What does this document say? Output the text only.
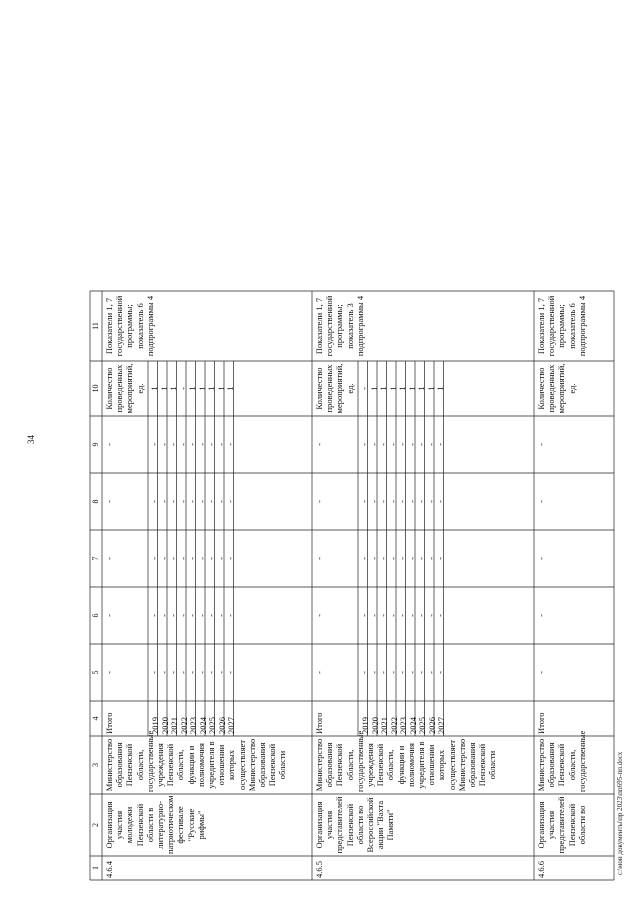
34
1
2
3
4
5
6
7
8
9
10
11
4.6.4
Организация участия молодежи Пензенской области в литературно-патриотическом фестивале "Русские рифмы"
Министерство образования Пензенской области, государственные учреждения Пензенской области, функции и полномочия учредителя в отношении которых осуществляет Министерство образования Пензенской области
Количество проведенных мероприятий, ед.
Показатели 1, 7 государственной программы; показатель 6 подпрограммы 4
Итого
-
-
-
-
-
2019
-
-
-
-
-
1
2020
-
-
-
-
-
1
2021
-
-
-
-
-
1
2022
-
-
-
-
-
-
2023
-
-
-
-
-
1
2024
-
-
-
-
-
1
2025
-
-
-
-
-
1
2026
-
-
-
-
-
1
2027
-
-
-
-
-
1
4.6.5
Организация участия представителей Пензенской области во Всероссийской акции "Вахта Памяти"
Министерство образования Пензенской области, государственные учреждения Пензенской области, функции и полномочия учредителя в отношении которых осуществляет Министерство образования Пензенской области
Количество проведенных мероприятий, ед.
Показатели 1, 7 государственной программы; показатель 3 подпрограммы 4
Итого
-
-
-
-
-
2019
-
-
-
-
-
-
2020
-
-
-
-
-
1
2021
-
-
-
-
-
1
2022
-
-
-
-
-
1
2023
-
-
-
-
-
1
2024
-
-
-
-
-
1
2025
-
-
-
-
-
1
2026
-
-
-
-
-
1
2027
-
-
-
-
-
1
4.6.6
Организация участия представителей Пензенской области во
Министерство образования Пензенской области, государственные
Количество проведенных мероприятий, ед.
Показатели 1, 7 государственной программы; показатель 6 подпрограммы 4
Итого
-
-
-
-
-
c:\мои документы\пр 2023\пп695-пп.docx
